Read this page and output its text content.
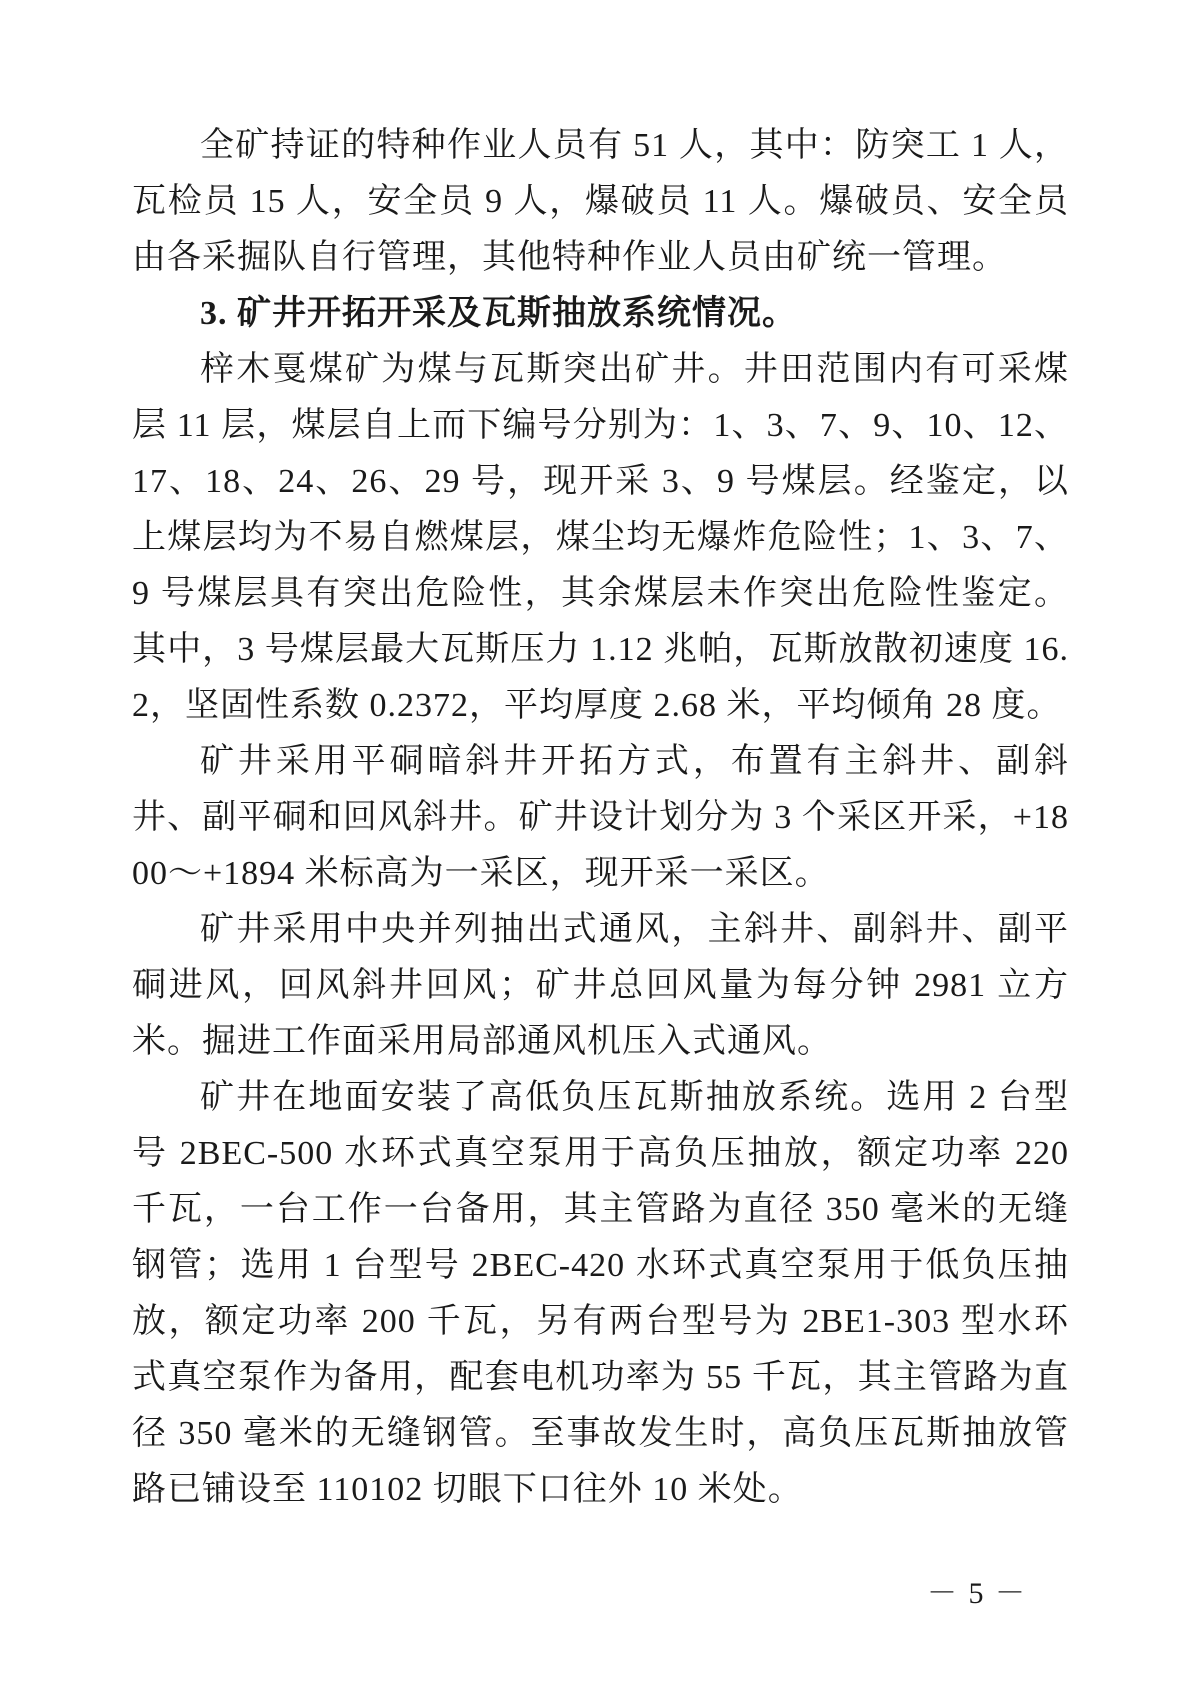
全矿持证的特种作业人员有 51 人，其中：防突工 1 人，瓦检员 15 人，安全员 9 人，爆破员 11 人。爆破员、安全员由各采掘队自行管理，其他特种作业人员由矿统一管理。

3. 矿井开拓开采及瓦斯抽放系统情况。

梓木戛煤矿为煤与瓦斯突出矿井。井田范围内有可采煤层 11 层，煤层自上而下编号分别为：1、3、7、9、10、12、17、18、24、26、29 号，现开采 3、9 号煤层。经鉴定，以上煤层均为不易自燃煤层，煤尘均无爆炸危险性；1、3、7、9 号煤层具有突出危险性，其余煤层未作突出危险性鉴定。其中，3 号煤层最大瓦斯压力 1.12 兆帕，瓦斯放散初速度 16.2，坚固性系数 0.2372，平均厚度 2.68 米，平均倾角 28 度。

矿井采用平硐暗斜井开拓方式，布置有主斜井、副斜井、副平硐和回风斜井。矿井设计划分为 3 个采区开采，+1800～+1894 米标高为一采区，现开采一采区。

矿井采用中央并列抽出式通风，主斜井、副斜井、副平硐进风，回风斜井回风；矿井总回风量为每分钟 2981 立方米。掘进工作面采用局部通风机压入式通风。

矿井在地面安装了高低负压瓦斯抽放系统。选用 2 台型号 2BEC-500 水环式真空泵用于高负压抽放，额定功率 220 千瓦，一台工作一台备用，其主管路为直径 350 毫米的无缝钢管；选用 1 台型号 2BEC-420 水环式真空泵用于低负压抽放，额定功率 200 千瓦，另有两台型号为 2BE1-303 型水环式真空泵作为备用，配套电机功率为 55 千瓦，其主管路为直径 350 毫米的无缝钢管。至事故发生时，高负压瓦斯抽放管路已铺设至 110102 切眼下口往外 10 米处。

－ 5 －
